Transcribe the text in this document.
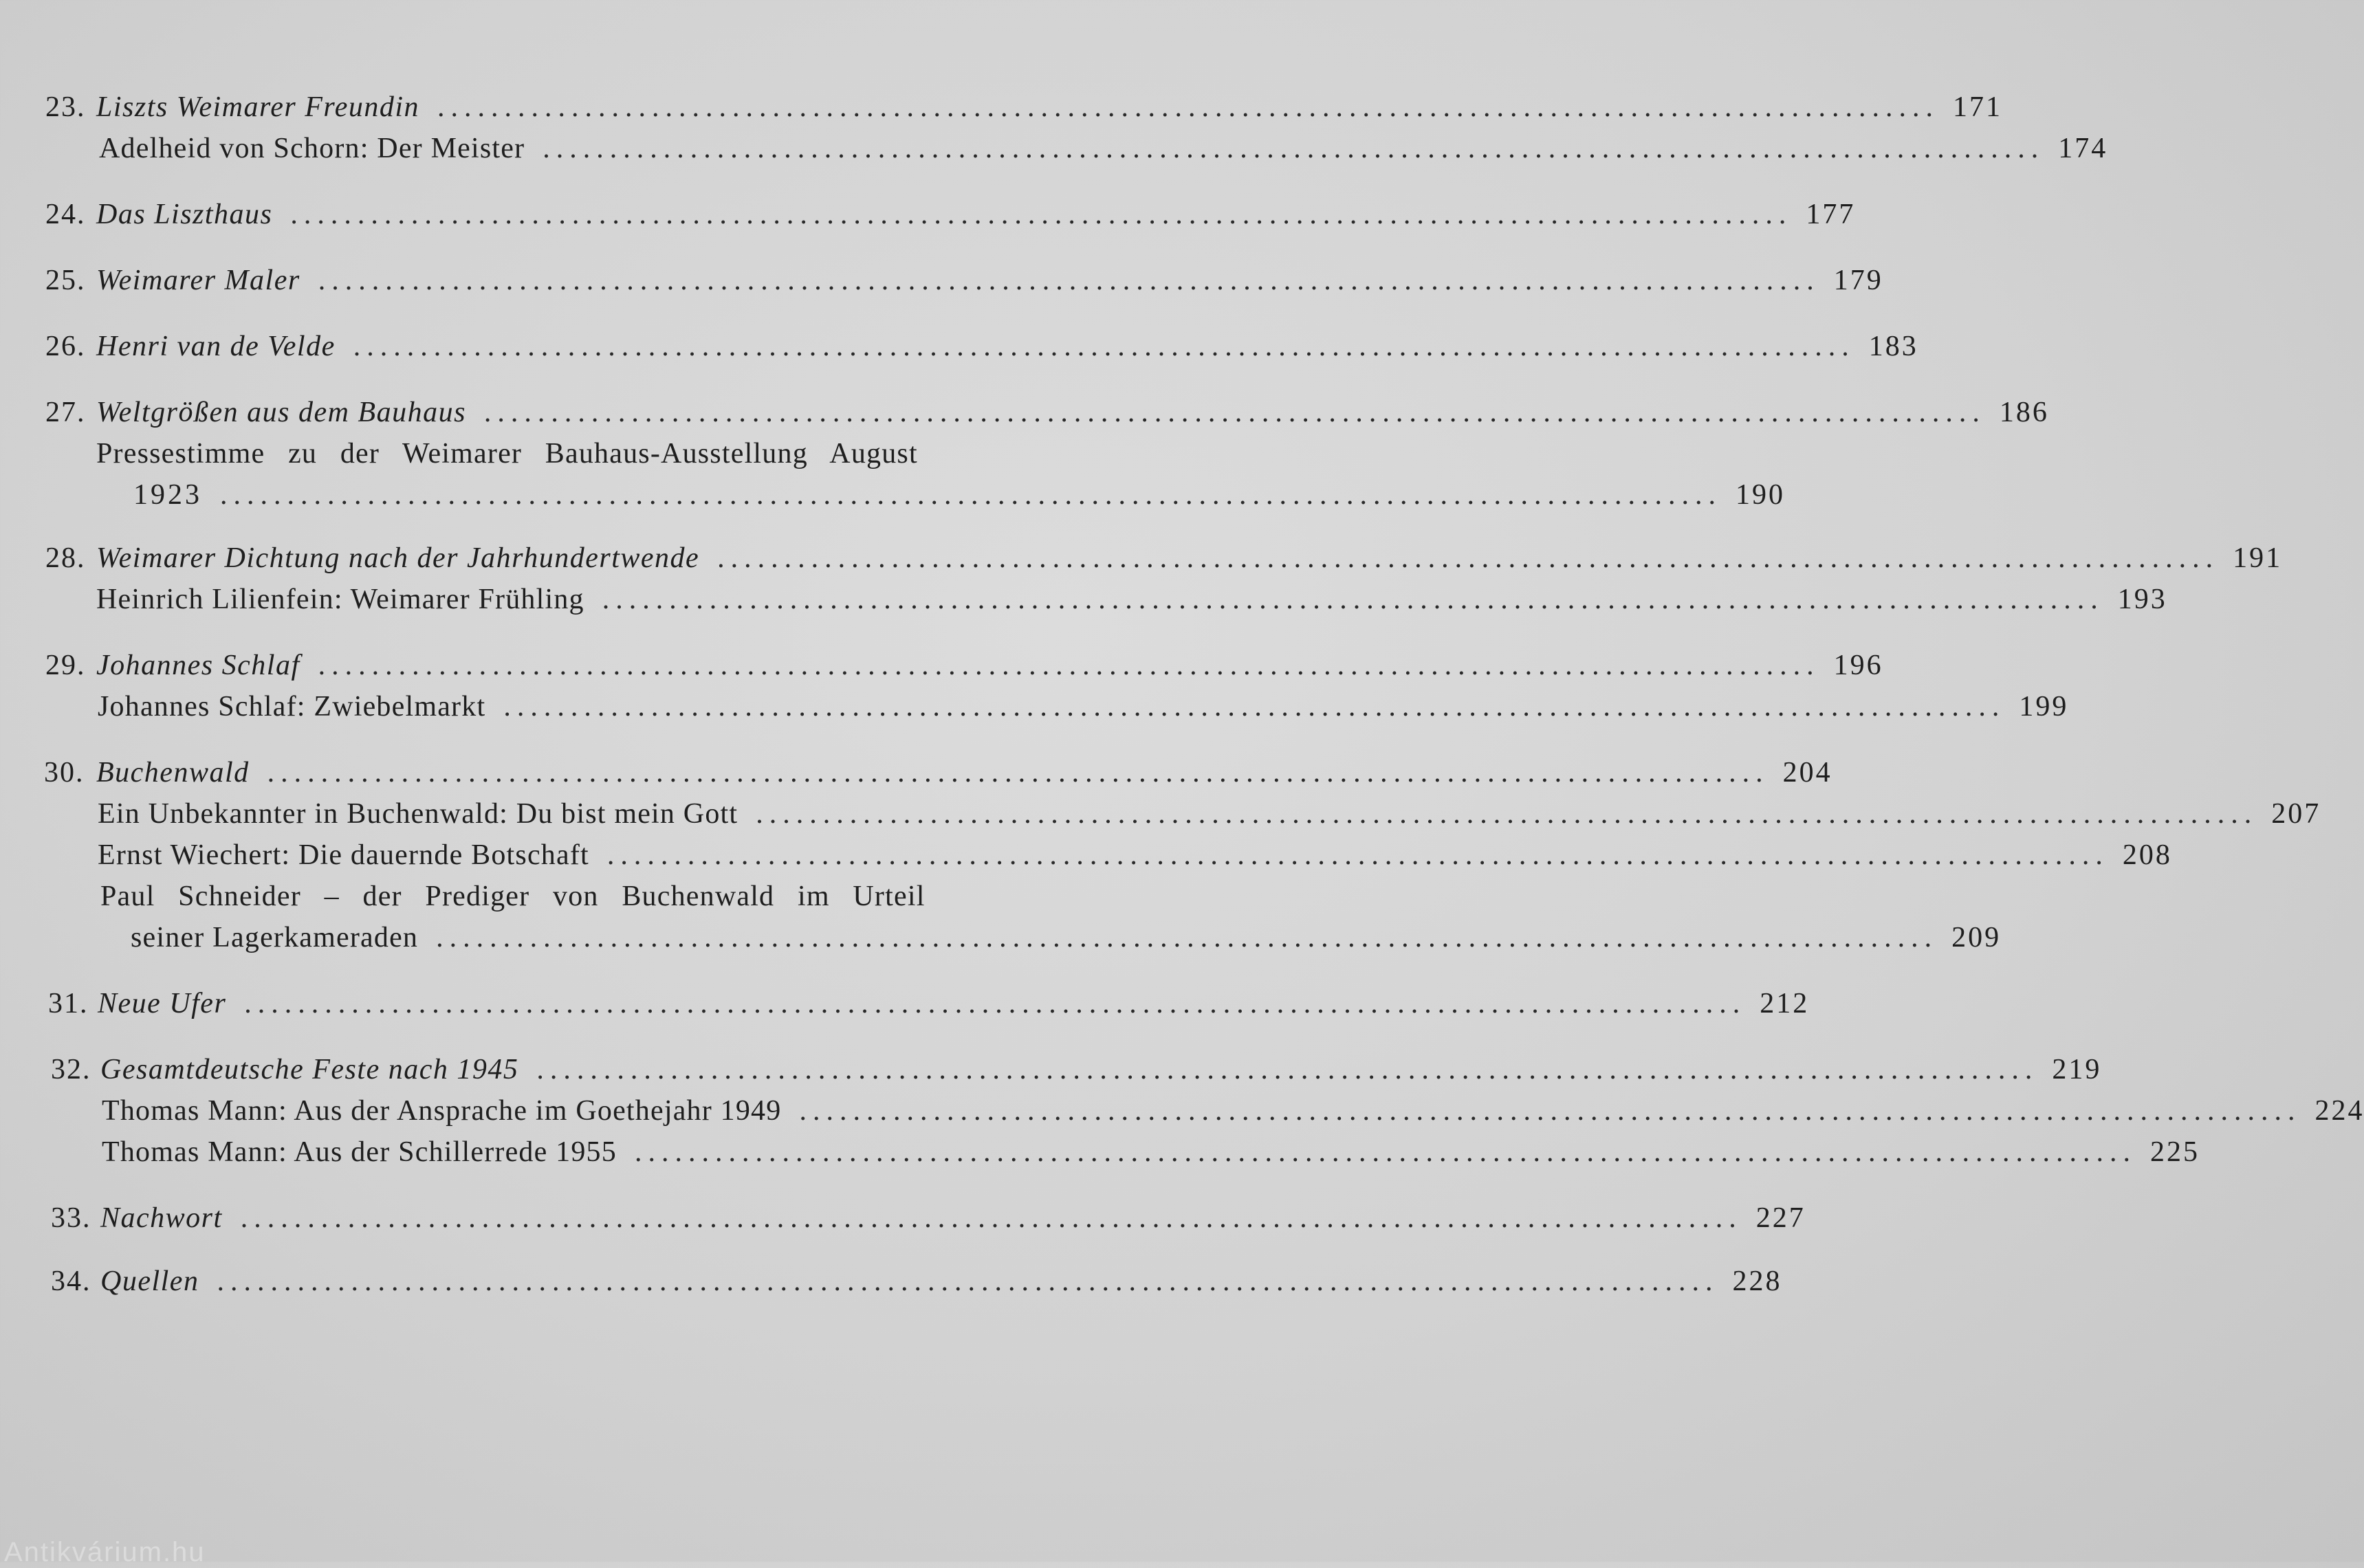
23. Liszts Weimarer Freundin ................................................................................................................ 171
Adelheid von Schorn: Der Meister ................................................................................................................ 174
24. Das Liszthaus ................................................................................................................ 177
25. Weimarer Maler ................................................................................................................ 179
26. Henri van de Velde ................................................................................................................ 183
27. Weltgrößen aus dem Bauhaus ................................................................................................................ 186
Pressestimme zu der Weimarer Bauhaus-Ausstellung August
1923 ................................................................................................................ 190
28. Weimarer Dichtung nach der Jahrhundertwende ................................................................................................................ 191
Heinrich Lilienfein: Weimarer Frühling ................................................................................................................ 193
29. Johannes Schlaf ................................................................................................................ 196
Johannes Schlaf: Zwiebelmarkt ................................................................................................................ 199
30. Buchenwald ................................................................................................................ 204
Ein Unbekannter in Buchenwald: Du bist mein Gott ................................................................................................................ 207
Ernst Wiechert: Die dauernde Botschaft ................................................................................................................ 208
Paul Schneider – der Prediger von Buchenwald im Urteil
seiner Lagerkameraden ................................................................................................................ 209
31. Neue Ufer ................................................................................................................ 212
32. Gesamtdeutsche Feste nach 1945 ................................................................................................................ 219
Thomas Mann: Aus der Ansprache im Goethejahr 1949 ................................................................................................................ 224
Thomas Mann: Aus der Schillerrede 1955 ................................................................................................................ 225
33. Nachwort ................................................................................................................ 227
34. Quellen ................................................................................................................ 228
Antikvárium.hu
